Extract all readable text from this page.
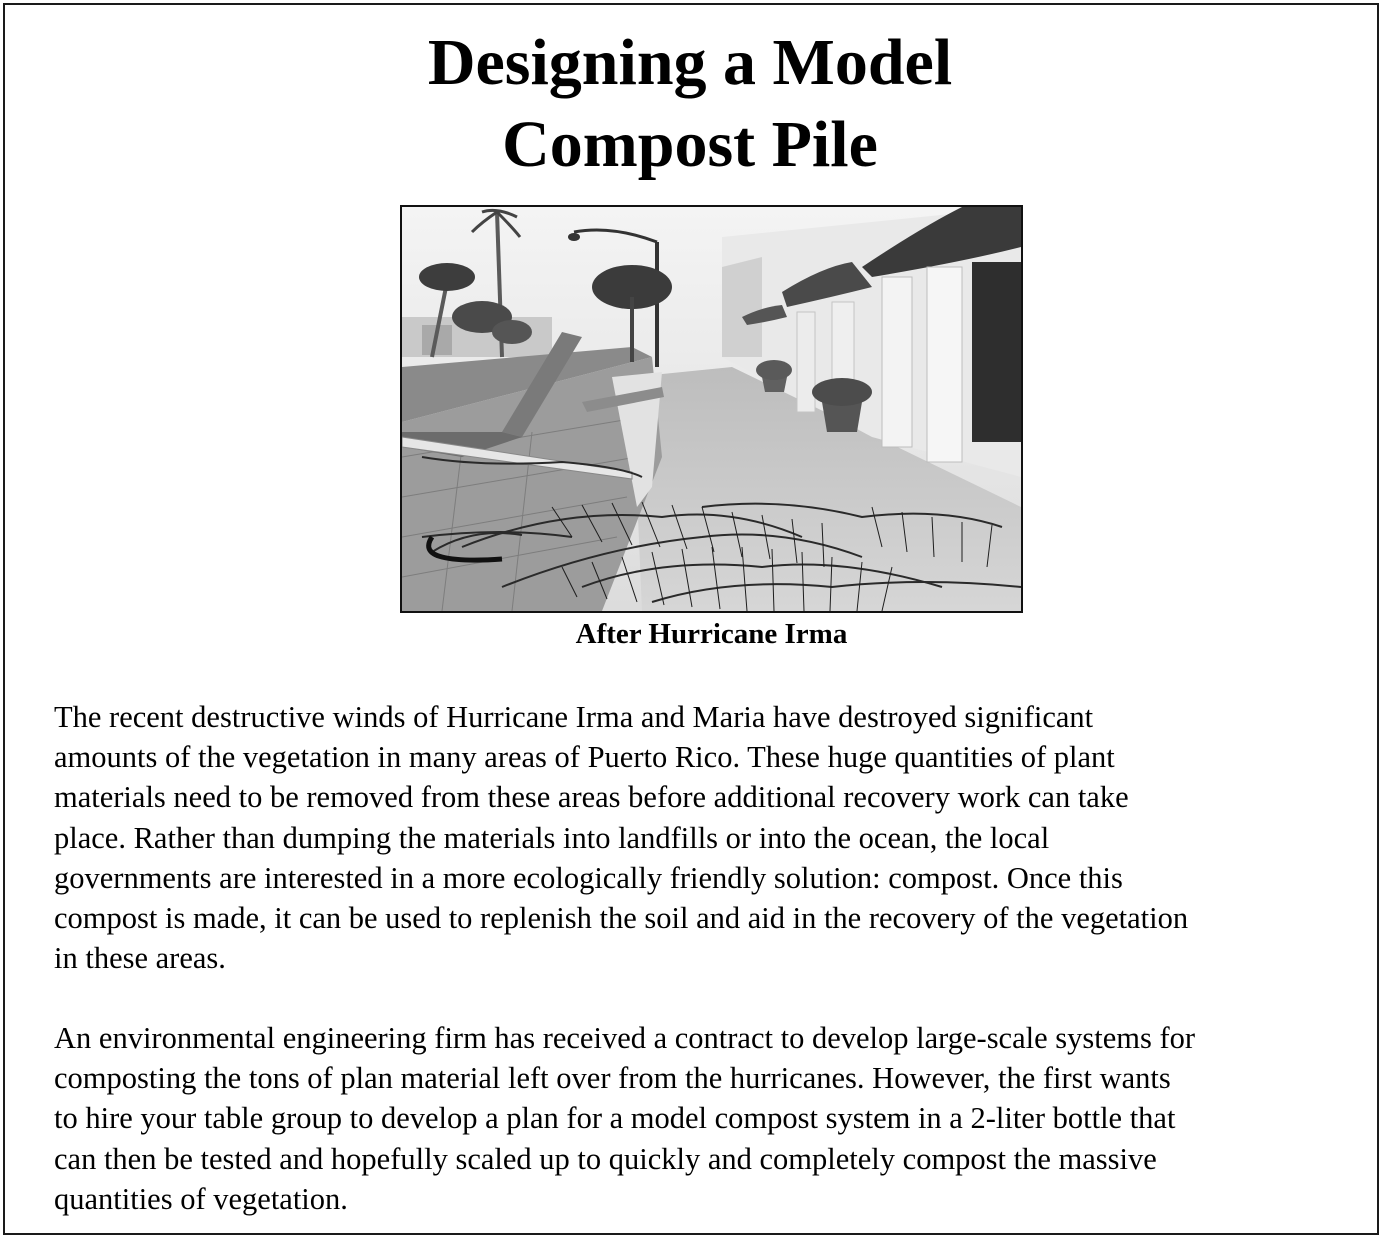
Designing a Model
Compost Pile
After Hurricane Irma

The recent destructive winds of Hurricane Irma and Maria have destroyed significant
amounts of the vegetation in many areas of Puerto Rico. These huge quantities of plant
materials need to be removed from these areas before additional recovery work can take
place. Rather than dumping the materials into landfills or into the ocean, the local
governments are interested in a more ecologically friendly solution: compost. Once this
compost is made, it can be used to replenish the soil and aid in the recovery of the vegetation
in these areas.

An environmental engineering firm has received a contract to develop large-scale systems for
composting the tons of plan material left over from the hurricanes. However, the first wants
to hire your table group to develop a plan for a model compost system in a 2-liter bottle that
can then be tested and hopefully scaled up to quickly and completely compost the massive
quantities of vegetation.
